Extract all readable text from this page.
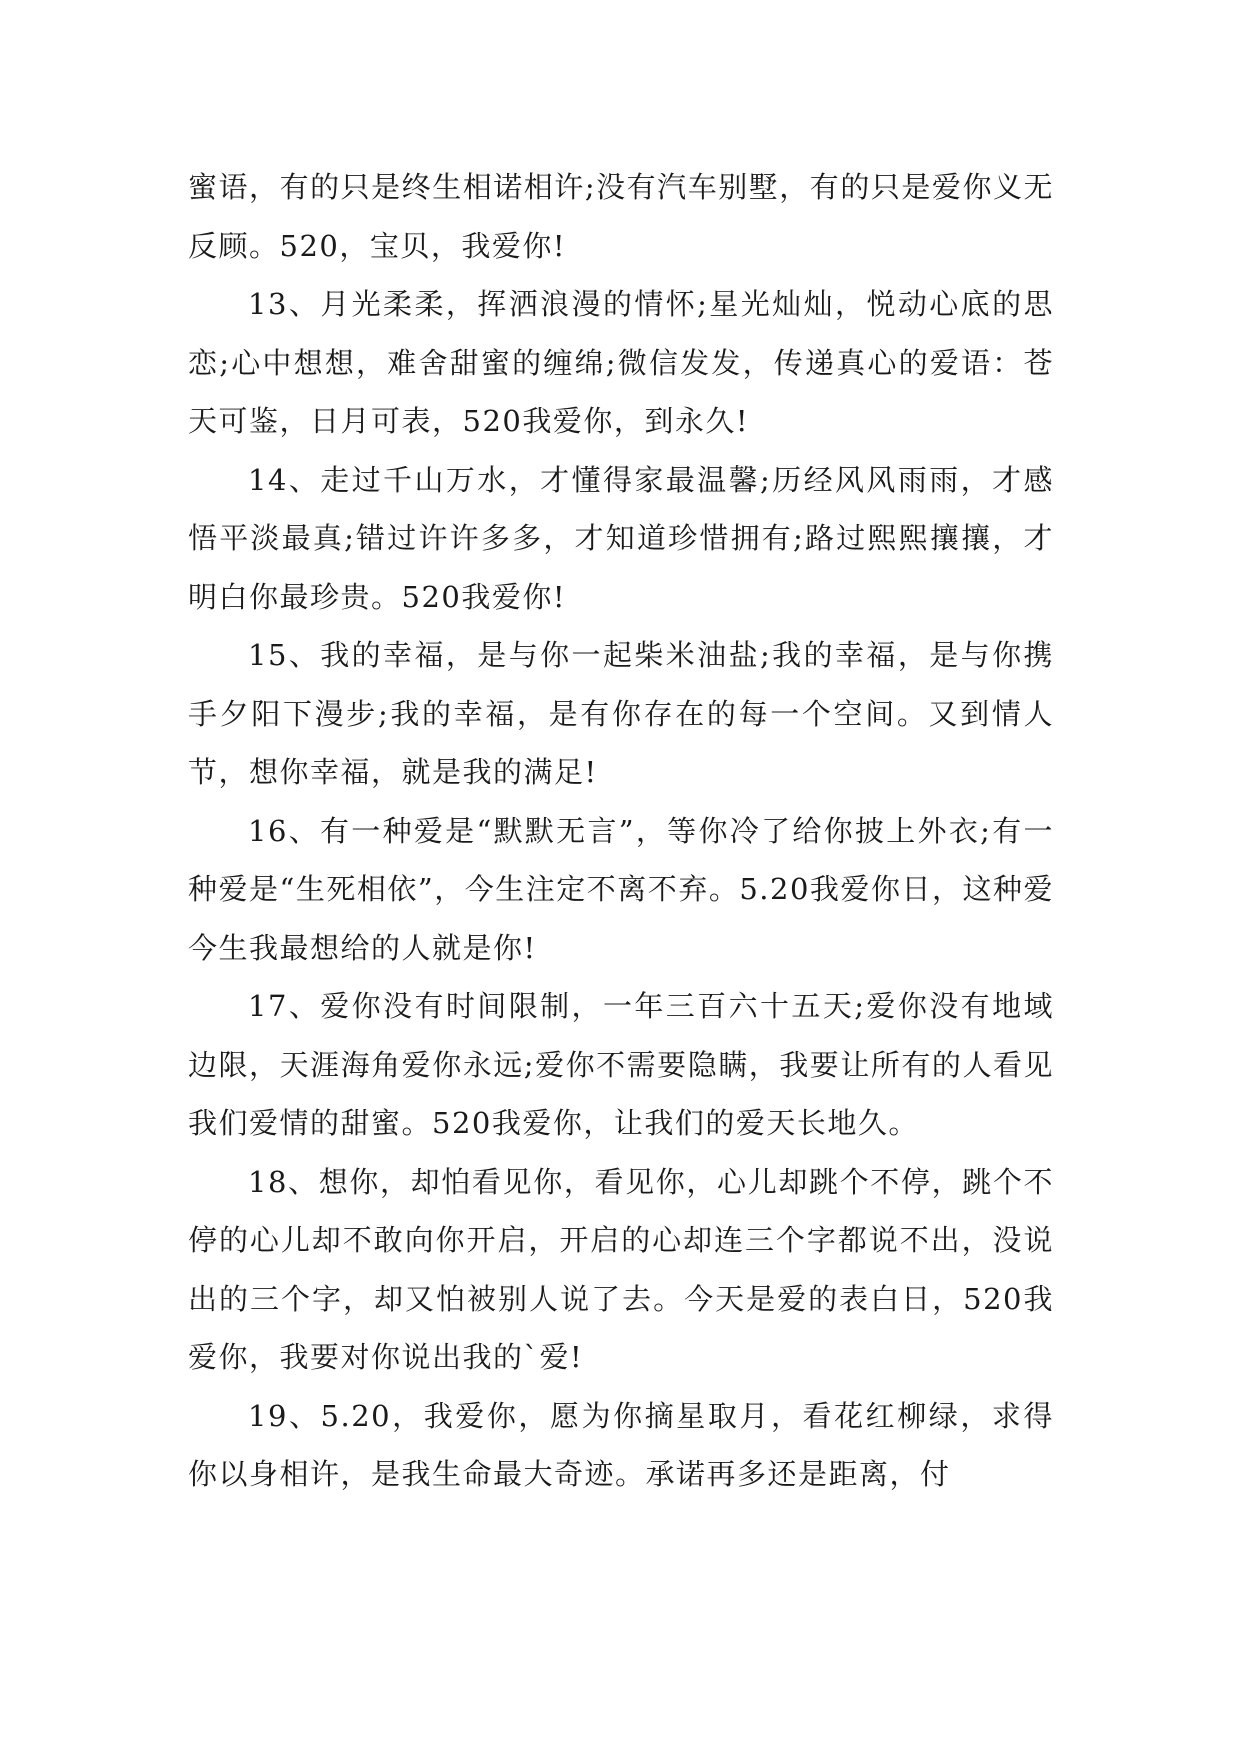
蜜语，有的只是终生相诺相许;没有汽车别墅，有的只是爱你义无反顾。520，宝贝，我爱你!

13、月光柔柔，挥洒浪漫的情怀;星光灿灿，悦动心底的思恋;心中想想，难舍甜蜜的缠绵;微信发发，传递真心的爱语：苍天可鉴，日月可表，520我爱你，到永久!

14、走过千山万水，才懂得家最温馨;历经风风雨雨，才感悟平淡最真;错过许许多多，才知道珍惜拥有;路过熙熙攘攘，才明白你最珍贵。520我爱你!

15、我的幸福，是与你一起柴米油盐;我的幸福，是与你携手夕阳下漫步;我的幸福，是有你存在的每一个空间。又到情人节，想你幸福，就是我的满足!

16、有一种爱是“默默无言”，等你冷了给你披上外衣;有一种爱是“生死相依”，今生注定不离不弃。5.20我爱你日，这种爱今生我最想给的人就是你!

17、爱你没有时间限制，一年三百六十五天;爱你没有地域边限，天涯海角爱你永远;爱你不需要隐瞒，我要让所有的人看见我们爱情的甜蜜。520我爱你，让我们的爱天长地久。

18、想你，却怕看见你，看见你，心儿却跳个不停，跳个不停的心儿却不敢向你开启，开启的心却连三个字都说不出，没说出的三个字，却又怕被别人说了去。今天是爱的表白日，520我爱你，我要对你说出我的`爱!

19、5.20，我爱你，愿为你摘星取月，看花红柳绿，求得你以身相许，是我生命最大奇迹。承诺再多还是距离，付
